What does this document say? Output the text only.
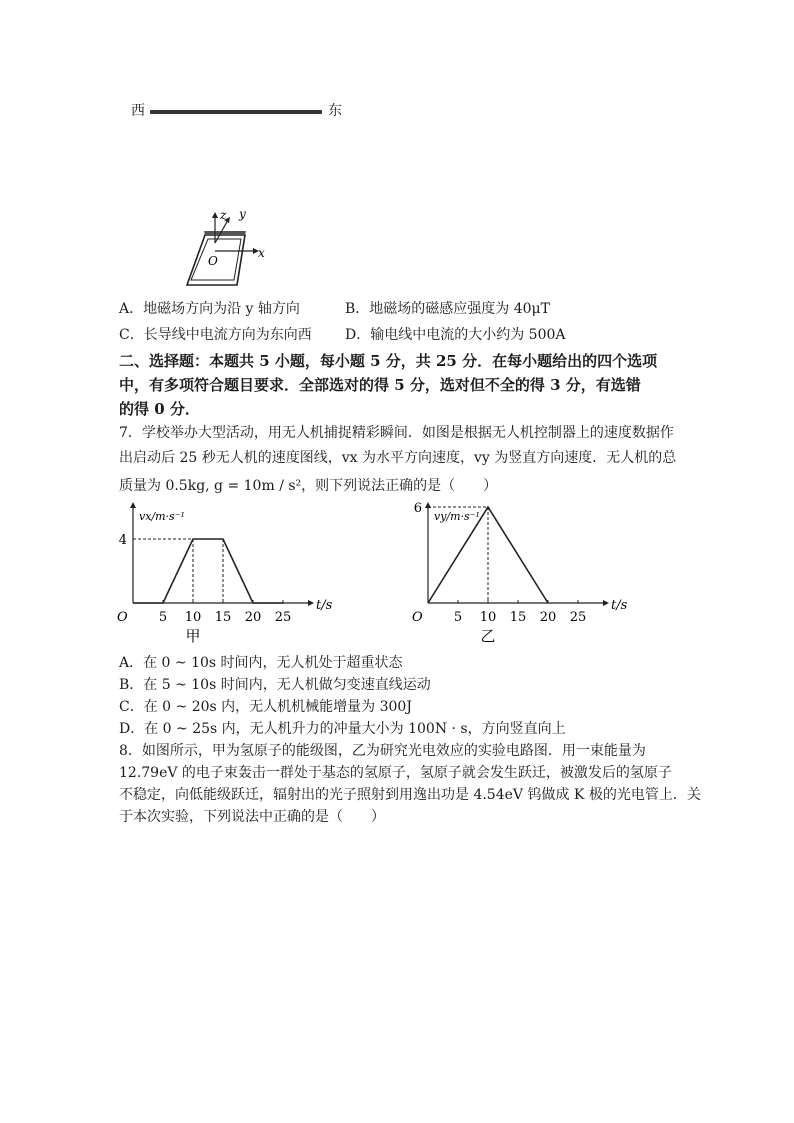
西	东
z y
x
O
A．地磁场方向为沿 y 轴方向	B．地磁场的磁感应强度为 40μT
C．长导线中电流方向为东向西 D．输电线中电流的大小约为 500A
二、选择题：本题共 5 小题，每小题 5 分，共 25 分．在每小题给出的四个选项
中，有多项符合题目要求．全部选对的得 5 分，选对但不全的得 3 分，有选错
的得 0 分．
7．学校举办大型活动，用无人机捕捉精彩瞬间．如图是根据无人机控制器上的速度数据作
出启动后 25 秒无人机的速度图线，vx 为水平方向速度，vy 为竖直方向速度．无人机的总
质量为 0.5kg, g = 10m / s²，则下列说法正确的是（　　）
vx/m·s⁻¹
t/s
O 5 10 15 20 25
4
甲
vy/m·s⁻¹
t/s
O 5 10 15 20 25
6
乙
A．在 0 ~ 10s 时间内，无人机处于超重状态
B．在 5 ~ 10s 时间内，无人机做匀变速直线运动
C．在 0 ~ 20s 内，无人机机械能增量为 300J
D．在 0 ~ 25s 内，无人机升力的冲量大小为 100N · s，方向竖直向上
8．如图所示，甲为氢原子的能级图，乙为研究光电效应的实验电路图．用一束能量为
12.79eV 的电子束轰击一群处于基态的氢原子，氢原子就会发生跃迁，被激发后的氢原子
不稳定，向低能级跃迁，辐射出的光子照射到用逸出功是 4.54eV 钨做成 K 极的光电管上．关
于本次实验，下列说法中正确的是（　　）
